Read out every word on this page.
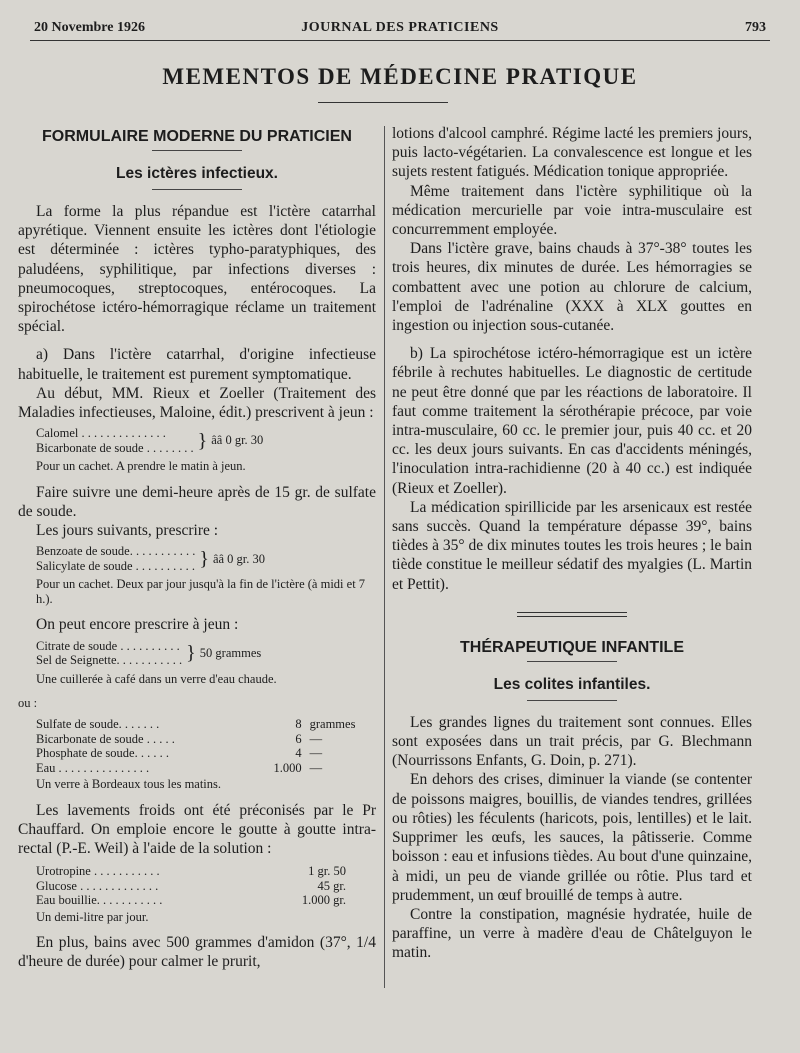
20 Novembre 1926	JOURNAL DES PRATICIENS	793
MEMENTOS DE MÉDECINE PRATIQUE
FORMULAIRE MODERNE DU PRATICIEN
Les ictères infectieux.

La forme la plus répandue est l'ictère catarrhal apyrétique. Viennent ensuite les ictères dont l'étiologie est déterminée : ictères typho-paratyphiques, des paludéens, syphilitique, par infections diverses : pneumocoques, streptocoques, entérocoques. La spirochétose ictéro-hémorragique réclame un traitement spécial.

a) Dans l'ictère catarrhal, d'origine infectieuse habituelle, le traitement est purement symptomatique.

Au début, MM. Rieux et Zoeller (Traitement des Maladies infectieuses, Maloine, édit.) prescrivent à jeun :

Calomel . . . . . . . . . . . . . .
Bicarbonate de soude . . . . . . . . } ââ 0 gr. 30
Pour un cachet. A prendre le matin à jeun.

Faire suivre une demi-heure après de 15 gr. de sulfate de soude.

Les jours suivants, prescrire :

Benzoate de soude. . . . . . . . . . .
Salicylate de soude . . . . . . . . . . } ââ 0 gr. 30
Pour un cachet. Deux par jour jusqu'à la fin de l'ictère (à midi et 7 h.).

On peut encore prescrire à jeun :

Citrate de soude . . . . . . . . . .
Sel de Seignette. . . . . . . . . . . } 50 grammes
Une cuillerée à café dans un verre d'eau chaude.
ou :
Sulfate de soude. . . . . . .	8 grammes
Bicarbonate de soude . . . . .	6 —
Phosphate de soude. . . . . .	4 —
Eau . . . . . . . . . . . . . . .	1.000 —
Un verre à Bordeaux tous les matins.

Les lavements froids ont été préconisés par le Pr Chauffard. On emploie encore le goutte à goutte intra-rectal (P.-E. Weil) à l'aide de la solution :

Urotropine . . . . . . . . . . .	1 gr. 50
Glucose . . . . . . . . . . . . .	45 gr.
Eau bouillie. . . . . . . . . . .	1.000 gr.
Un demi-litre par jour.

En plus, bains avec 500 grammes d'amidon (37°, 1/4 d'heure de durée) pour calmer le prurit,

lotions d'alcool camphré. Régime lacté les premiers jours, puis lacto-végétarien. La convalescence est longue et les sujets restent fatigués. Médication tonique appropriée.

Même traitement dans l'ictère syphilitique où la médication mercurielle par voie intra-musculaire est concurremment employée.

Dans l'ictère grave, bains chauds à 37°-38° toutes les trois heures, dix minutes de durée. Les hémorragies se combattent avec une potion au chlorure de calcium, l'emploi de l'adrénaline (XXX à XLX gouttes en ingestion ou injection sous-cutanée.

b) La spirochétose ictéro-hémorragique est un ictère fébrile à rechutes habituelles. Le diagnostic de certitude ne peut être donné que par les réactions de laboratoire. Il faut comme traitement la sérothérapie précoce, par voie intra-musculaire, 60 cc. le premier jour, puis 40 cc. et 20 cc. les deux jours suivants. En cas d'accidents méningés, l'inoculation intra-rachidienne (20 à 40 cc.) est indiquée (Rieux et Zoeller).

La médication spirillicide par les arsenicaux est restée sans succès. Quand la température dépasse 39°, bains tièdes à 35° de dix minutes toutes les trois heures ; le bain tiède constitue le meilleur sédatif des myalgies (L. Martin et Pettit).

THÉRAPEUTIQUE INFANTILE
Les colites infantiles.

Les grandes lignes du traitement sont connues. Elles sont exposées dans un trait précis, par G. Blechmann (Nourrissons Enfants, G. Doin, p. 271).

En dehors des crises, diminuer la viande (se contenter de poissons maigres, bouillis, de viandes tendres, grillées ou rôties) les féculents (haricots, pois, lentilles) et le lait. Supprimer les œufs, les sauces, la pâtisserie. Comme boisson : eau et infusions tièdes. Au bout d'une quinzaine, à midi, un peu de viande grillée ou rôtie. Plus tard et prudemment, un œuf brouillé de temps à autre.

Contre la constipation, magnésie hydratée, huile de paraffine, un verre à madère d'eau de Châtelguyon le matin.
